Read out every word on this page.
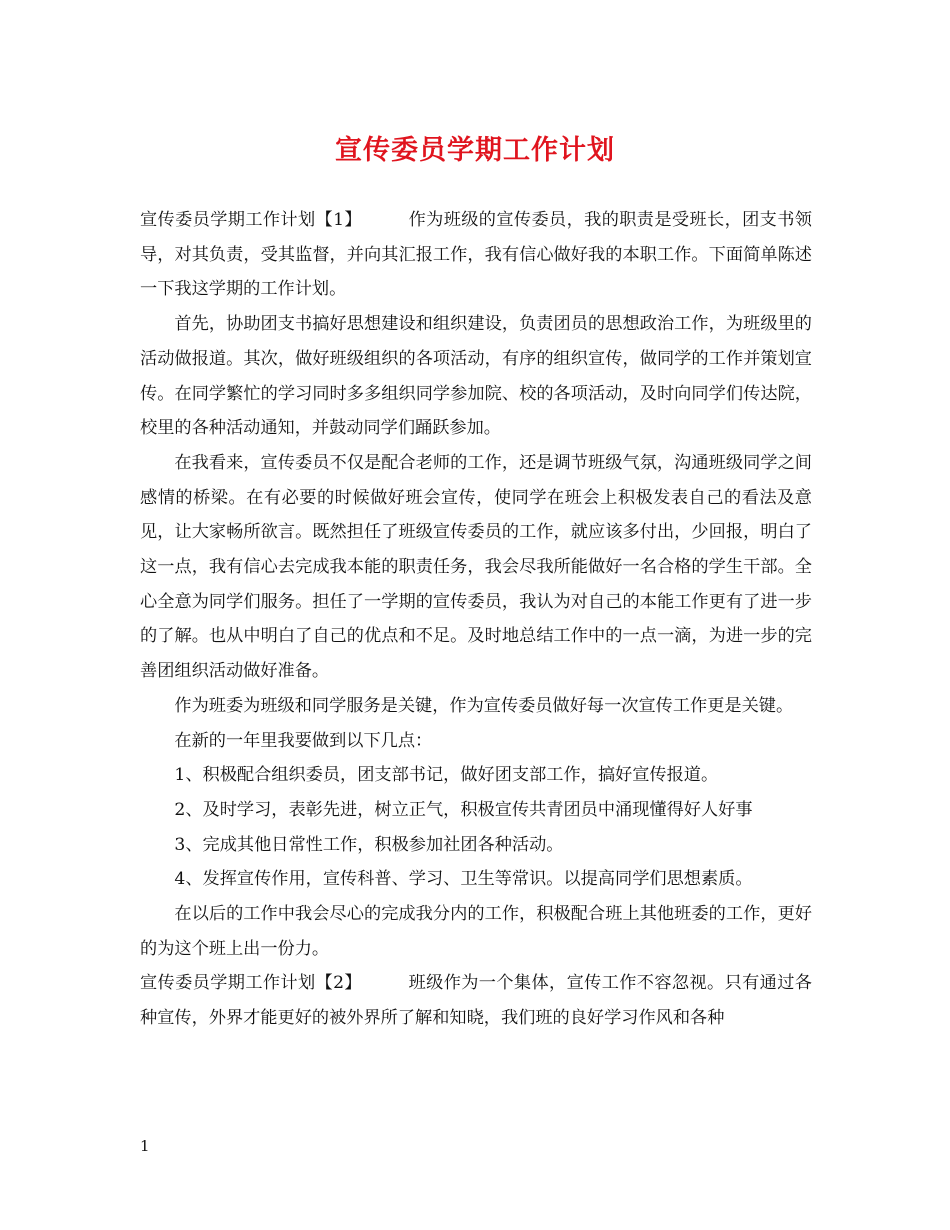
宣传委员学期工作计划

宣传委员学期工作计划【1】	作为班级的宣传委员，我的职责是受班长，团支书领导，对其负责，受其监督，并向其汇报工作，我有信心做好我的本职工作。下面简单陈述一下我这学期的工作计划。

首先，协助团支书搞好思想建设和组织建设，负责团员的思想政治工作，为班级里的活动做报道。其次，做好班级组织的各项活动，有序的组织宣传，做同学的工作并策划宣传。在同学繁忙的学习同时多多组织同学参加院、校的各项活动，及时向同学们传达院，校里的各种活动通知，并鼓动同学们踊跃参加。

在我看来，宣传委员不仅是配合老师的工作，还是调节班级气氛，沟通班级同学之间感情的桥梁。在有必要的时候做好班会宣传，使同学在班会上积极发表自己的看法及意见，让大家畅所欲言。既然担任了班级宣传委员的工作，就应该多付出，少回报，明白了这一点，我有信心去完成我本能的职责任务，我会尽我所能做好一名合格的学生干部。全心全意为同学们服务。担任了一学期的宣传委员，我认为对自己的本能工作更有了进一步的了解。也从中明白了自己的优点和不足。及时地总结工作中的一点一滴，为进一步的完善团组织活动做好准备。

作为班委为班级和同学服务是关键，作为宣传委员做好每一次宣传工作更是关键。

在新的一年里我要做到以下几点：

1、积极配合组织委员，团支部书记，做好团支部工作，搞好宣传报道。

2、及时学习，表彰先进，树立正气，积极宣传共青团员中涌现懂得好人好事

3、完成其他日常性工作，积极参加社团各种活动。

4、发挥宣传作用，宣传科普、学习、卫生等常识。以提高同学们思想素质。

在以后的工作中我会尽心的完成我分内的工作，积极配合班上其他班委的工作，更好的为这个班上出一份力。

宣传委员学期工作计划【2】	班级作为一个集体，宣传工作不容忽视。只有通过各种宣传，外界才能更好的被外界所了解和知晓，我们班的良好学习作风和各种

1
